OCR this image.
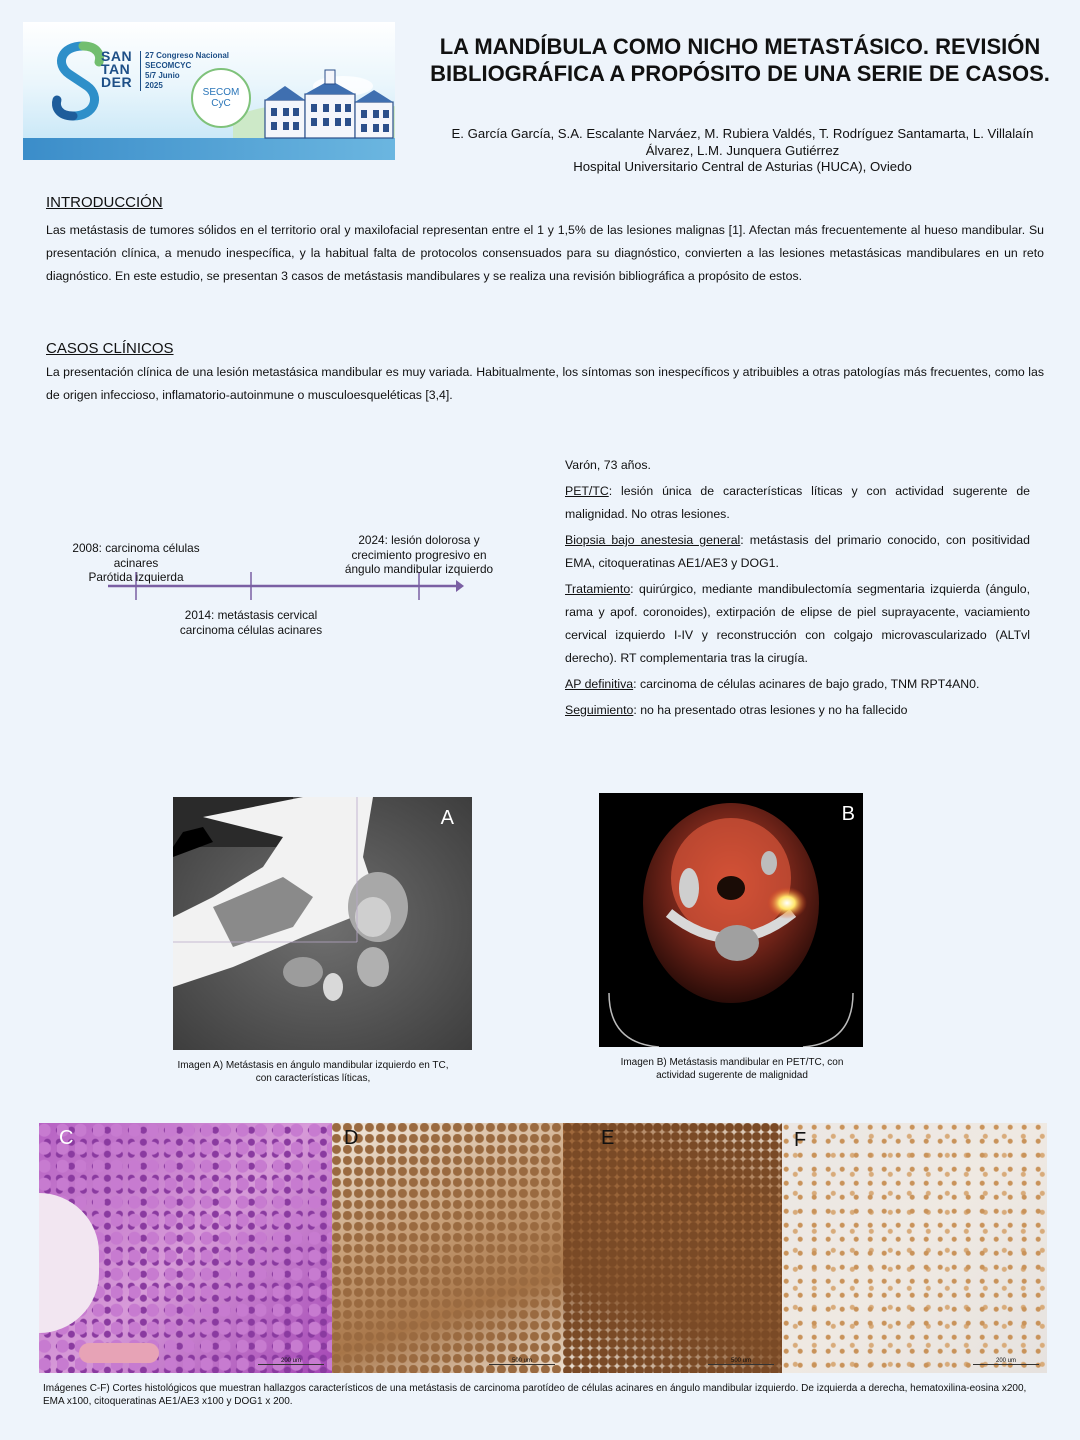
SAN
TAN
DER
27 Congreso Nacional
SECOMCYC
5/7 Junio
2025
SECOM
CyC
LA MANDÍBULA COMO NICHO METASTÁSICO. REVISIÓN BIBLIOGRÁFICA A PROPÓSITO DE UNA SERIE DE CASOS.
E. García García, S.A. Escalante Narváez, M. Rubiera Valdés, T. Rodríguez Santamarta, L. Villalaín Álvarez, L.M. Junquera Gutiérrez
Hospital Universitario Central de Asturias (HUCA), Oviedo
INTRODUCCIÓN
Las metástasis de tumores sólidos en el territorio oral y maxilofacial representan entre el 1 y 1,5% de las lesiones malignas [1]. Afectan más frecuentemente al hueso mandibular. Su presentación clínica, a menudo inespecífica, y la habitual falta de protocolos consensuados para su diagnóstico, convierten a las lesiones metastásicas mandibulares en un reto diagnóstico. En este estudio, se presentan 3 casos de metástasis mandibulares y se realiza una revisión bibliográfica a propósito de estos.
CASOS CLÍNICOS
La presentación clínica de una lesión metastásica mandibular es muy variada. Habitualmente, los síntomas son inespecíficos y atribuibles a otras patologías más frecuentes, como las de origen infeccioso, inflamatorio-autoinmune o musculoesqueléticas [3,4].
2008: carcinoma células
acinares
Parótida izquierda
2014: metástasis cervical
carcinoma células acinares
2024: lesión dolorosa y
crecimiento progresivo en
ángulo mandibular izquierdo

Varón, 73 años.

PET/TC: lesión única de características líticas y con actividad sugerente de malignidad. No otras lesiones.

Biopsia bajo anestesia general: metástasis del primario conocido, con positividad EMA, citoqueratinas AE1/AE3 y DOG1.

Tratamiento: quirúrgico, mediante mandibulectomía segmentaria izquierda (ángulo, rama y apof. coronoides), extirpación de elipse de piel suprayacente, vaciamiento cervical izquierdo I-IV y reconstrucción con colgajo microvascularizado (ALTvl derecho). RT complementaria tras la cirugía.

AP definitiva: carcinoma de células acinares de bajo grado, TNM RPT4AN0.

Seguimiento: no ha presentado otras lesiones y no ha fallecido

A
Imagen A) Metástasis en ángulo mandibular izquierdo en TC,
con características líticas,
B
Imagen B) Metástasis mandibular en PET/TC, con
actividad sugerente de malignidad
C
200 um
D
500 um
E
500 um
F
200 um
Imágenes C-F) Cortes histológicos que muestran hallazgos característicos de una metástasis de carcinoma parotídeo de células acinares en ángulo mandibular izquierdo. De izquierda a derecha, hematoxilina-eosina x200, EMA x100, citoqueratinas AE1/AE3 x100 y DOG1 x 200.
